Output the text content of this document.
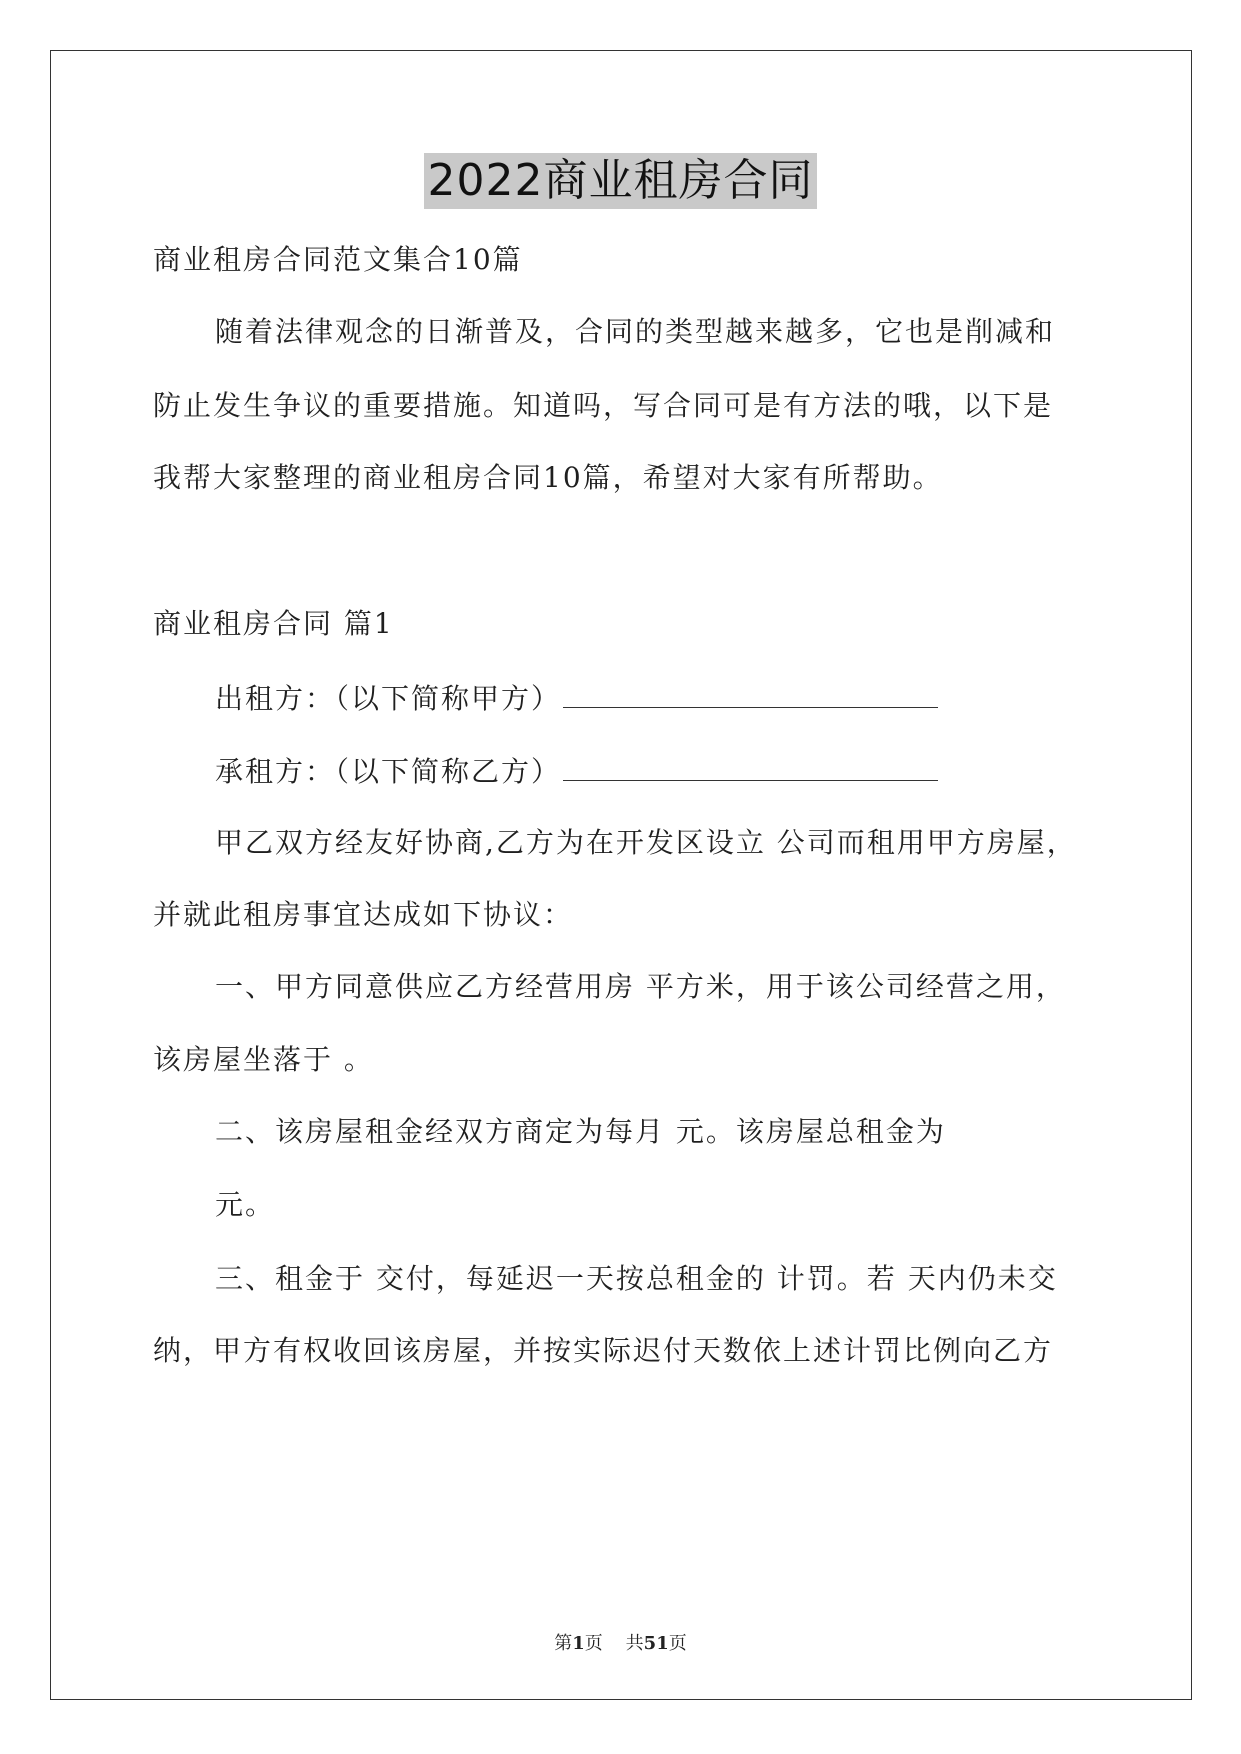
2022商业租房合同
商业租房合同范文集合10篇
随着法律观念的日渐普及，合同的类型越来越多，它也是削减和
防止发生争议的重要措施。知道吗，写合同可是有方法的哦，以下是
我帮大家整理的商业租房合同10篇，希望对大家有所帮助。
商业租房合同 篇1
出租方：（以下简称甲方）
承租方：（以下简称乙方）
甲乙双方经友好协商,乙方为在开发区设立 公司而租用甲方房屋，
并就此租房事宜达成如下协议：
一、甲方同意供应乙方经营用房 平方米，用于该公司经营之用，
该房屋坐落于 。
二、该房屋租金经双方商定为每月 元。该房屋总租金为
元。
三、租金于 交付，每延迟一天按总租金的 计罚。若 天内仍未交
纳，甲方有权收回该房屋，并按实际迟付天数依上述计罚比例向乙方
第1页 共51页
